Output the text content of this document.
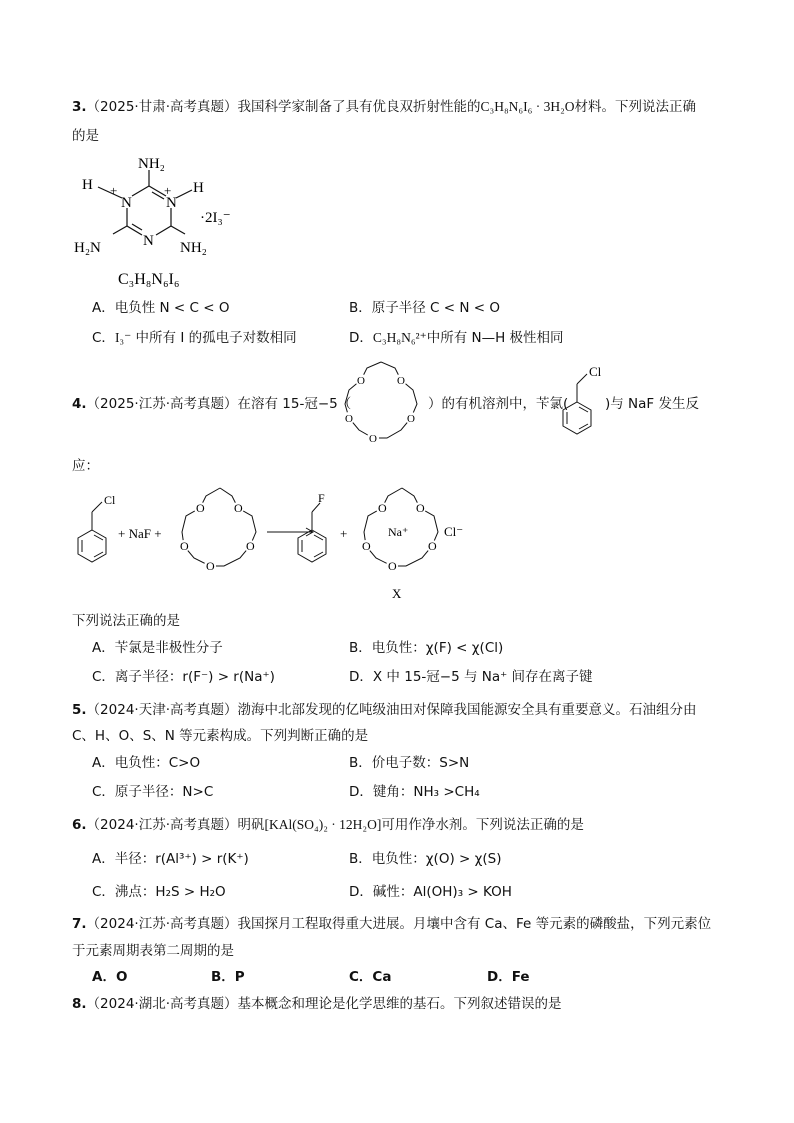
3.（2025·甘肃·高考真题）我国科学家制备了具有优良双折射性能的C₃H₈N₆I₆ · 3H₂O材料。下列说法正确
的是
NH₂
H	H
N N
N
+	+
H₂N	NH₂
·2I₃⁻
C₃H₈N₆I₆
A．电负性 N < C < O	B．原子半径 C < N < O
C．I₃⁻ 中所有 I 的孤电子对数相同	D．C₃H₈N₆²⁺中所有 N—H 极性相同
4.（2025·江苏·高考真题）在溶有 15-冠−5（
O
O
O
O
O
）的有机溶剂中，苄氯(
Cl
)与 NaF 发生反
应：
Cl
+ NaF +
O
O
O
O
O
F
+
O
O
O
O
O
Na⁺	Cl⁻
X
下列说法正确的是
A．苄氯是非极性分子	B．电负性：χ(F) < χ(Cl)
C．离子半径：r(F⁻) > r(Na⁺)	D．X 中 15-冠−5 与 Na⁺ 间存在离子键
5.（2024·天津·高考真题）渤海中北部发现的亿吨级油田对保障我国能源安全具有重要意义。石油组分由
C、H、O、S、N 等元素构成。下列判断正确的是
A．电负性：C>O	B．价电子数：S>N
C．原子半径：N>C	D．键角：NH₃ >CH₄
6.（2024·江苏·高考真题）明矾[KAl(SO₄)₂ · 12H₂O]可用作净水剂。下列说法正确的是
A．半径：r(Al³⁺) > r(K⁺)	B．电负性：χ(O) > χ(S)
C．沸点：H₂S > H₂O	D．碱性：Al(OH)₃ > KOH
7.（2024·江苏·高考真题）我国探月工程取得重大进展。月壤中含有 Ca、Fe 等元素的磷酸盐，下列元素位
于元素周期表第二周期的是
A．O	B．P	C．Ca	D．Fe
8.（2024·湖北·高考真题）基本概念和理论是化学思维的基石。下列叙述错误的是
